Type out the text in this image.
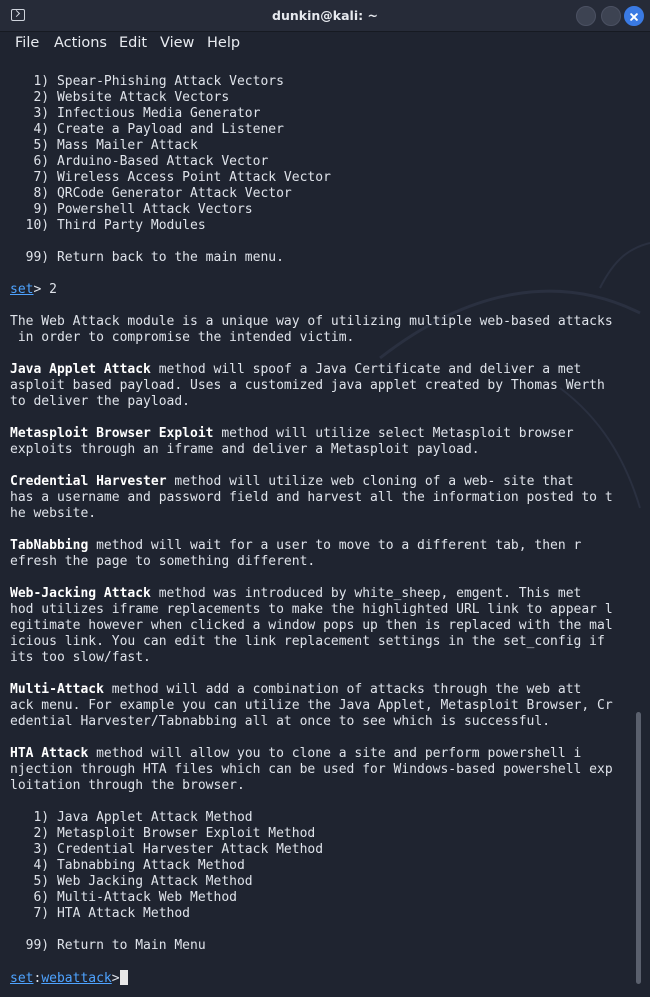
dunkin@kali: ~
File Actions Edit View Help
1) Spear-Phishing Attack Vectors
2) Website Attack Vectors
3) Infectious Media Generator
4) Create a Payload and Listener
5) Mass Mailer Attack
6) Arduino-Based Attack Vector
7) Wireless Access Point Attack Vector
8) QRCode Generator Attack Vector
9) Powershell Attack Vectors
10) Third Party Modules
99) Return back to the main menu.
set> 2
The Web Attack module is a unique way of utilizing multiple web-based attacks
in order to compromise the intended victim.
Java Applet Attack method will spoof a Java Certificate and deliver a met
asploit based payload. Uses a customized java applet created by Thomas Werth
to deliver the payload.
Metasploit Browser Exploit method will utilize select Metasploit browser
exploits through an iframe and deliver a Metasploit payload.
Credential Harvester method will utilize web cloning of a web- site that
has a username and password field and harvest all the information posted to t
he website.
TabNabbing method will wait for a user to move to a different tab, then r
efresh the page to something different.
Web-Jacking Attack method was introduced by white_sheep, emgent. This met
hod utilizes iframe replacements to make the highlighted URL link to appear l
egitimate however when clicked a window pops up then is replaced with the mal
icious link. You can edit the link replacement settings in the set_config if
its too slow/fast.
Multi-Attack method will add a combination of attacks through the web att
ack menu. For example you can utilize the Java Applet, Metasploit Browser, Cr
edential Harvester/Tabnabbing all at once to see which is successful.
HTA Attack method will allow you to clone a site and perform powershell i
njection through HTA files which can be used for Windows-based powershell exp
loitation through the browser.
1) Java Applet Attack Method
2) Metasploit Browser Exploit Method
3) Credential Harvester Attack Method
4) Tabnabbing Attack Method
5) Web Jacking Attack Method
6) Multi-Attack Web Method
7) HTA Attack Method
99) Return to Main Menu
set:webattack>
